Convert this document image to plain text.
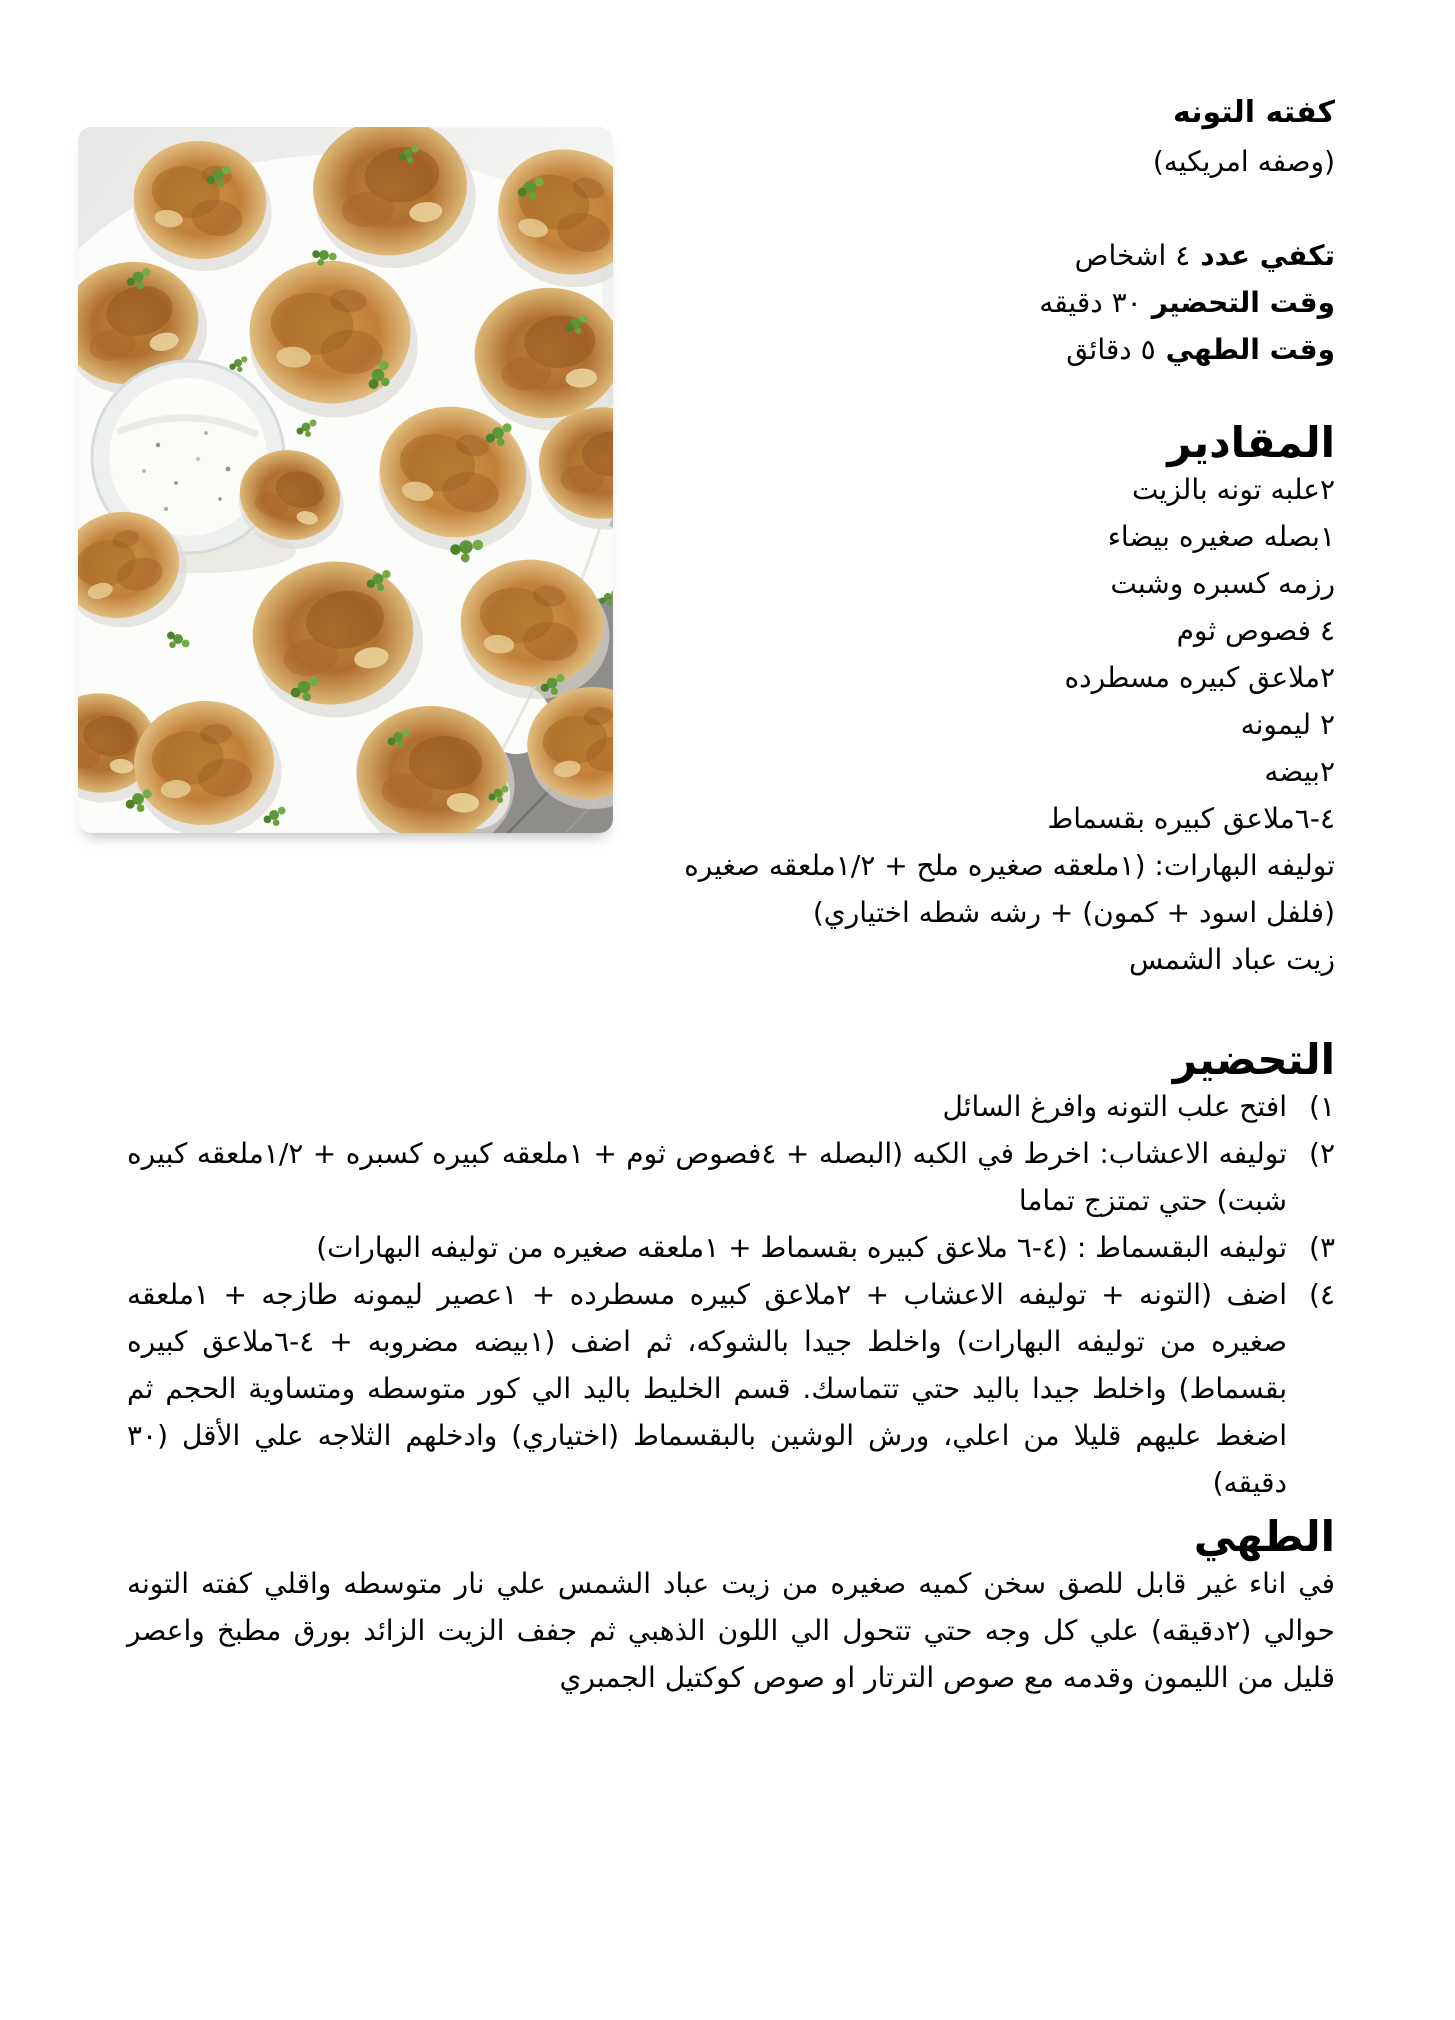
كفته التونه
(وصفه امريكيه)
تكفي عدد٤ اشخاص
وقت التحضير٣٠ دقيقه
وقت الطهي٥ دقائق
المقادير
٢علبه تونه بالزيت
١بصله صغيره بيضاء
رزمه كسبره وشبت
٤ فصوص ثوم
٢ملاعق كبيره مسطرده
٢ ليمونه
٢بيضه
٤-٦ملاعق كبيره بقسماط
توليفه البهارات: (١ملعقه صغيره ملح + ١/٢ملعقه صغيره (فلفل اسود + كمون) + رشه شطه اختياري)
زيت عباد الشمس
التحضير
١)
افتح علب التونه وافرغ السائل
٢)
توليفه الاعشاب: اخرط في الكبه (البصله + ٤فصوص ثوم + ١ملعقه كبيره كسبره + ١/٢ملعقه كبيره شبت) حتي تمتزج تماما
٣)
توليفه البقسماط : (٤-٦ ملاعق كبيره بقسماط + ١ملعقه صغيره من توليفه البهارات)
٤)
اضف (التونه + توليفه الاعشاب + ٢ملاعق كبيره مسطرده + ١عصير ليمونه طازجه + ١ملعقه صغيره من توليفه البهارات) واخلط جيدا بالشوكه، ثم اضف (١بيضه مضروبه + ٤-٦ملاعق كبيره بقسماط) واخلط جيدا باليد حتي تتماسك. قسم الخليط باليد الي كور متوسطه ومتساوية الحجم ثم اضغط عليهم قليلا من اعلي، ورش الوشين بالبقسماط (اختياري) وادخلهم الثلاجه علي الأقل (٣٠ دقيقه)
الطهي

في اناء غير قابل للصق سخن كميه صغيره من زيت عباد الشمس علي نار متوسطه واقلي كفته التونه حوالي (٢دقيقه) علي كل وجه حتي تتحول الي اللون الذهبي ثم جفف الزيت الزائد بورق مطبخ واعصر قليل من الليمون وقدمه مع صوص الترتار او صوص كوكتيل الجمبري
